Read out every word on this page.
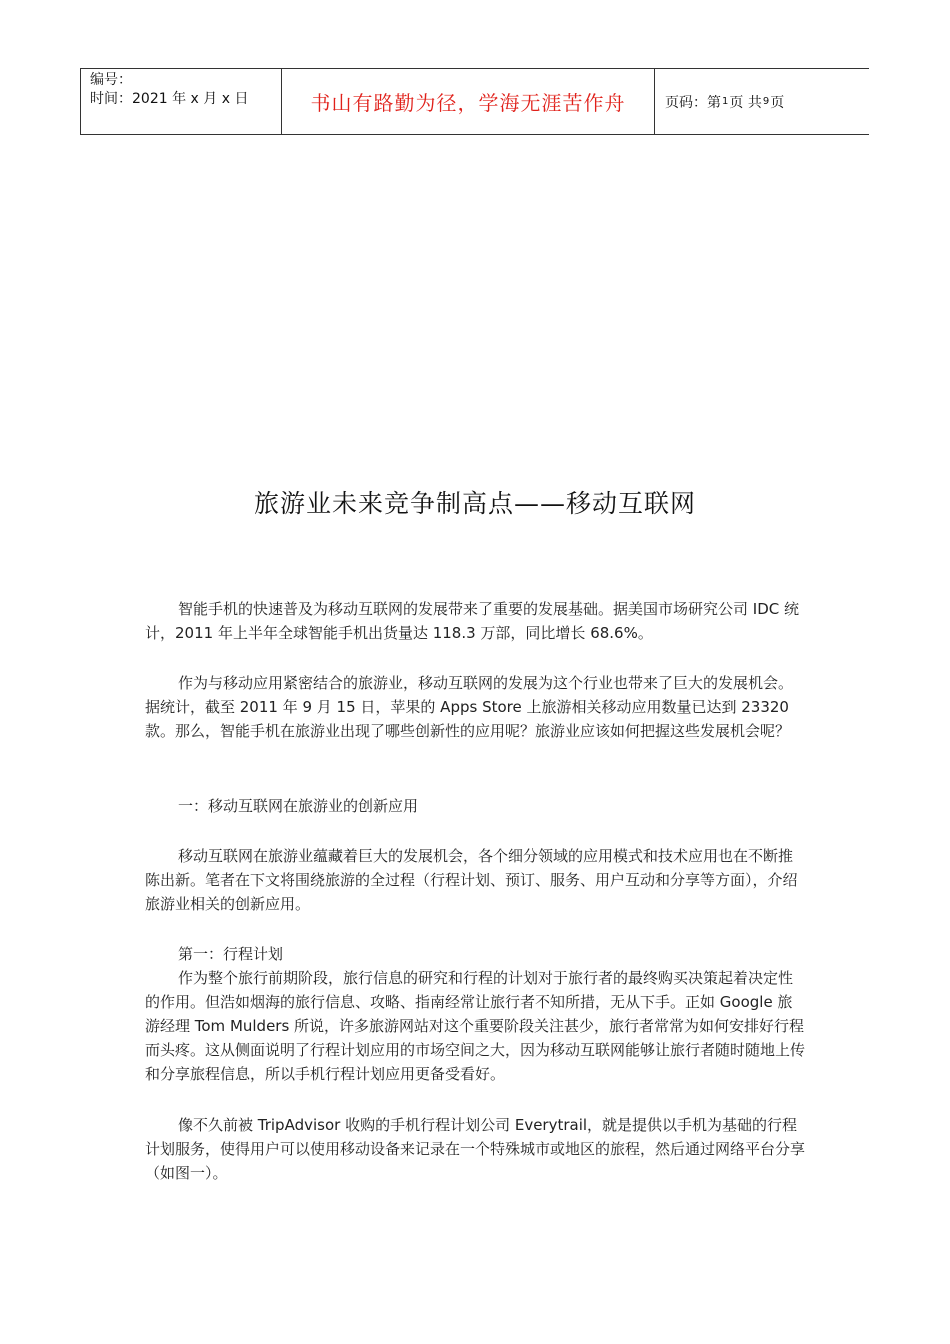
编号：
时间：2021 年 x 月 x 日	书山有路勤为径，学海无涯苦作舟	页码：第 1 页 共 9 页
旅游业未来竞争制高点——移动互联网

智能手机的快速普及为移动互联网的发展带来了重要的发展基础。据美国市场研究公司 IDC 统计，2011 年上半年全球智能手机出货量达 118.3 万部，同比增长 68.6%。

作为与移动应用紧密结合的旅游业，移动互联网的发展为这个行业也带来了巨大的发展机会。据统计，截至 2011 年 9 月 15 日，苹果的 Apps Store 上旅游相关移动应用数量已达到 23320 款。那么，智能手机在旅游业出现了哪些创新性的应用呢？旅游业应该如何把握这些发展机会呢？

一：移动互联网在旅游业的创新应用

移动互联网在旅游业蕴藏着巨大的发展机会，各个细分领域的应用模式和技术应用也在不断推陈出新。笔者在下文将围绕旅游的全过程（行程计划、预订、服务、用户互动和分享等方面），介绍旅游业相关的创新应用。

第一：行程计划

作为整个旅行前期阶段，旅行信息的研究和行程的计划对于旅行者的最终购买决策起着决定性的作用。但浩如烟海的旅行信息、攻略、指南经常让旅行者不知所措，无从下手。正如 Google 旅游经理 Tom Mulders 所说，许多旅游网站对这个重要阶段关注甚少，旅行者常常为如何安排好行程而头疼。这从侧面说明了行程计划应用的市场空间之大，因为移动互联网能够让旅行者随时随地上传和分享旅程信息，所以手机行程计划应用更备受看好。

像不久前被 TripAdvisor 收购的手机行程计划公司 Everytrail，就是提供以手机为基础的行程计划服务，使得用户可以使用移动设备来记录在一个特殊城市或地区的旅程，然后通过网络平台分享（如图一）。
